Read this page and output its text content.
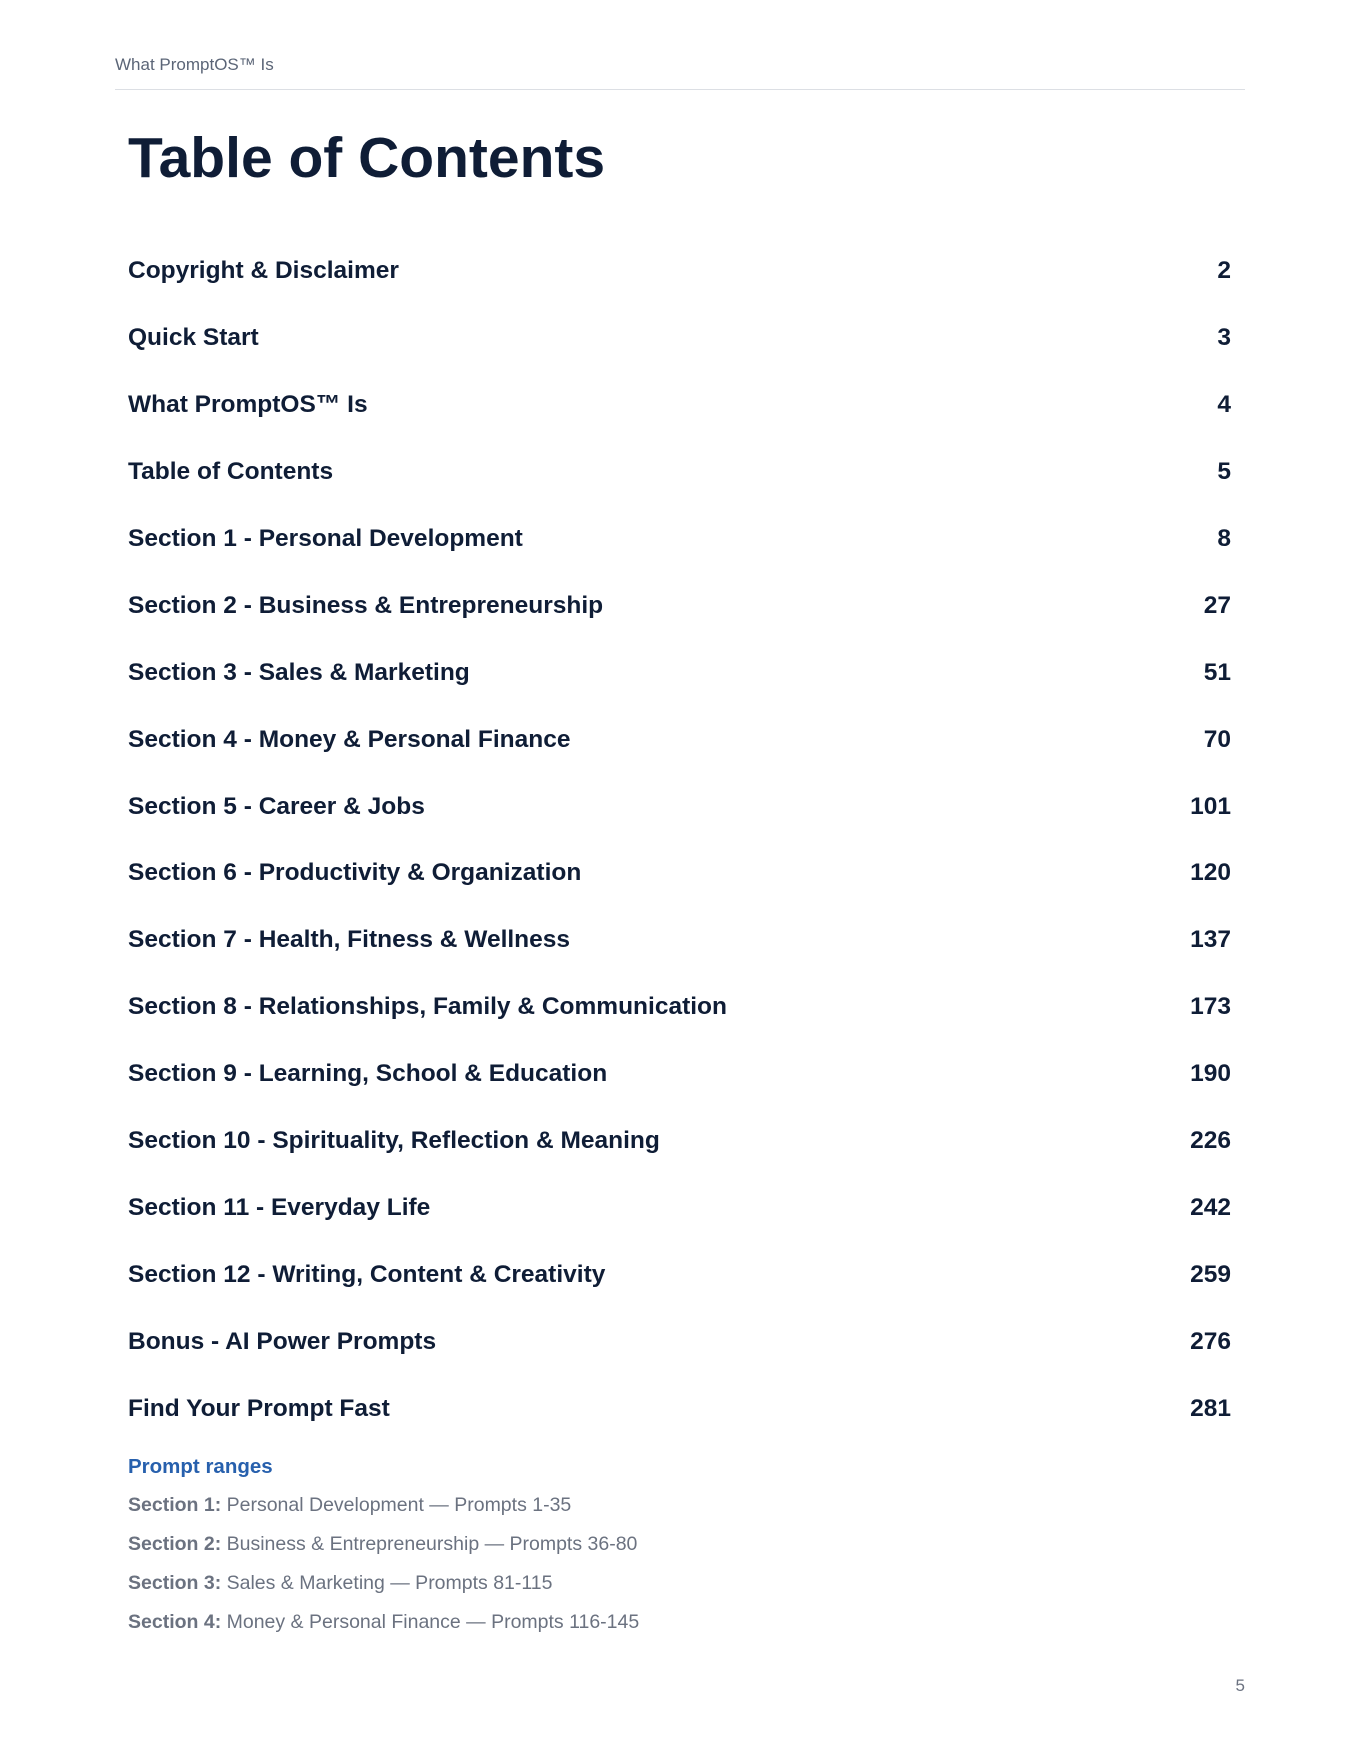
What PromptOS™ Is
Table of Contents
Copyright & Disclaimer	2
Quick Start	3
What PromptOS™ Is	4
Table of Contents	5
Section 1 - Personal Development	8
Section 2 - Business & Entrepreneurship	27
Section 3 - Sales & Marketing	51
Section 4 - Money & Personal Finance	70
Section 5 - Career & Jobs	101
Section 6 - Productivity & Organization	120
Section 7 - Health, Fitness & Wellness	137
Section 8 - Relationships, Family & Communication	173
Section 9 - Learning, School & Education	190
Section 10 - Spirituality, Reflection & Meaning	226
Section 11 - Everyday Life	242
Section 12 - Writing, Content & Creativity	259
Bonus - AI Power Prompts	276
Find Your Prompt Fast	281
Prompt ranges
Section 1: Personal Development — Prompts 1-35
Section 2: Business & Entrepreneurship — Prompts 36-80
Section 3: Sales & Marketing — Prompts 81-115
Section 4: Money & Personal Finance — Prompts 116-145
5
